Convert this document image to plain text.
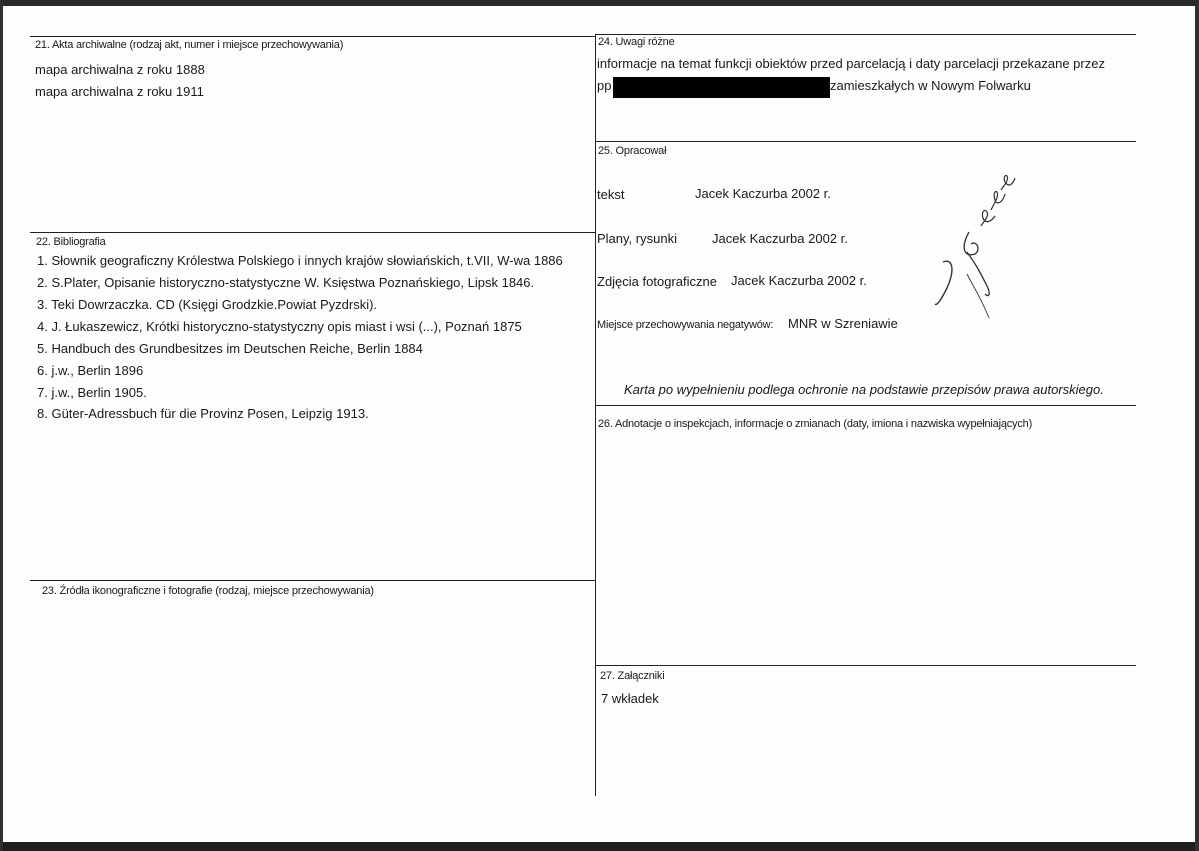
21. Akta archiwalne (rodzaj akt, numer i miejsce przechowywania)
mapa archiwalna z roku 1888
mapa archiwalna z roku 1911
22. Bibliografia
1. Słownik geograficzny Królestwa Polskiego i innych krajów słowiańskich, t.VII, W-wa 1886
2. S.Plater, Opisanie historyczno-statystyczne W. Księstwa Poznańskiego, Lipsk 1846.
3. Teki Dowrzaczka. CD (Księgi Grodzkie.Powiat Pyzdrski).
4. J. Łukaszewicz, Krótki historyczno-statystyczny opis miast i wsi (...), Poznań 1875
5. Handbuch des Grundbesitzes im Deutschen Reiche, Berlin 1884
6. j.w., Berlin 1896
7. j.w., Berlin 1905.
8. Güter-Adressbuch für die Provinz Posen, Leipzig 1913.
23. Źródła ikonograficzne i fotografie (rodzaj, miejsce przechowywania)
24. Uwagi różne
informacje na temat funkcji obiektów przed parcelacją i daty parcelacji przekazane przez
pp	zamieszkałych w Nowym Folwarku
25. Opracował
tekst	Jacek Kaczurba 2002 r.
Plany, rysunki	Jacek Kaczurba 2002 r.
Zdjęcia fotograficzne Jacek Kaczurba 2002 r.
Miejsce przechowywania negatywów: MNR w Szreniawie
Karta po wypełnieniu podlega ochronie na podstawie przepisów prawa autorskiego.
26. Adnotacje o inspekcjach, informacje o zmianach (daty, imiona i nazwiska wypełniających)
27. Załączniki
7 wkładek
